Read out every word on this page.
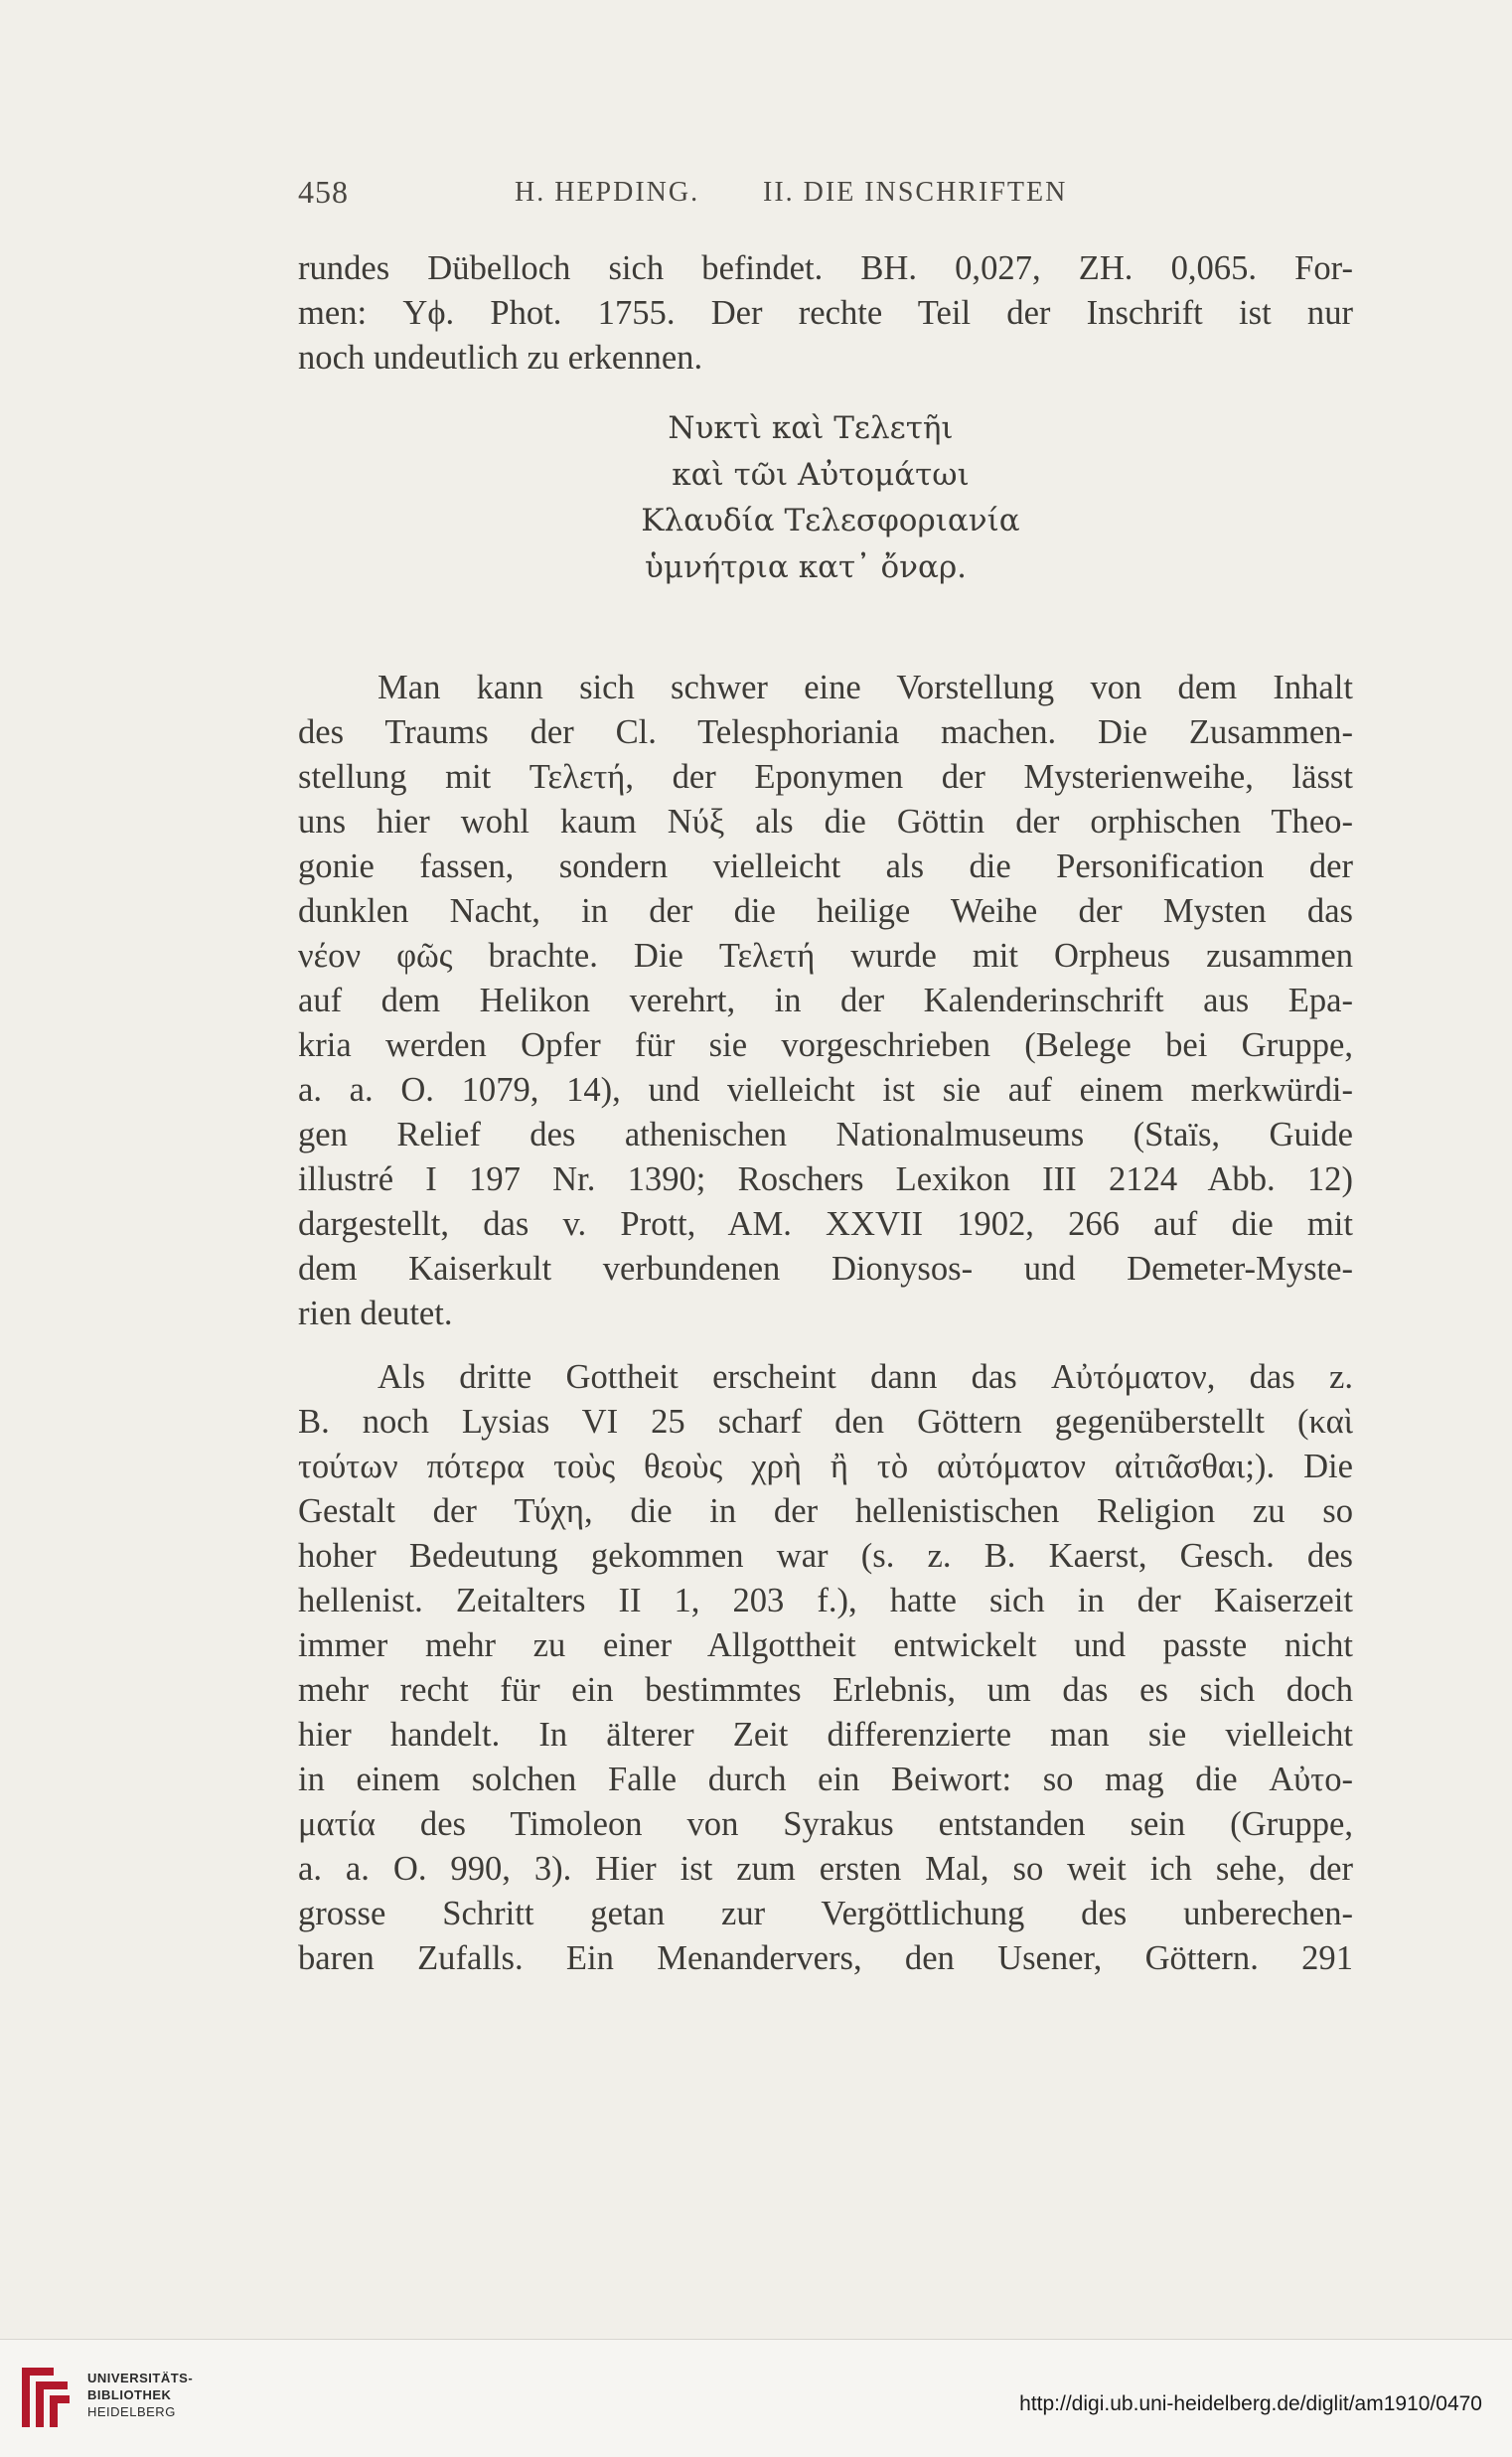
458	H. HEPDING. II. DIE INSCHRIFTEN
rundes Dübelloch sich befindet. BH. 0,027, ZH. 0,065. For-
men: Υϕ. Phot. 1755. Der rechte Teil der Inschrift ist nur
noch undeutlich zu erkennen.
Νυκτὶ καὶ Τελετῆι
καὶ τῶι Αὐτομάτωι
Κλαυδία Τελεσφοριανία
ὑμνήτρια κατ᾽ ὄναρ.
Man kann sich schwer eine Vorstellung von dem Inhalt
des Traums der Cl. Telesphoriania machen. Die Zusammen-
stellung mit Τελετή, der Eponymen der Mysterienweihe, lässt
uns hier wohl kaum Νύξ als die Göttin der orphischen Theo-
gonie fassen, sondern vielleicht als die Personification der
dunklen Nacht, in der die heilige Weihe der Mysten das
νέον φῶς brachte. Die Τελετή wurde mit Orpheus zusammen
auf dem Helikon verehrt, in der Kalenderinschrift aus Epa-
kria werden Opfer für sie vorgeschrieben (Belege bei Gruppe,
a. a. O. 1079, 14), und vielleicht ist sie auf einem merkwürdi-
gen Relief des athenischen Nationalmuseums (Staïs, Guide
illustré I 197 Nr. 1390; Roschers Lexikon III 2124 Abb. 12)
dargestellt, das v. Prott, AM. XXVII 1902, 266 auf die mit
dem Kaiserkult verbundenen Dionysos- und Demeter-Myste-
rien deutet.
Als dritte Gottheit erscheint dann das Αὐτόματον, das z.
B. noch Lysias VI 25 scharf den Göttern gegenüberstellt (καὶ
τούτων πότερα τοὺς θεοὺς χρὴ ἢ τὸ αὐτόματον αἰτιᾶσθαι;). Die
Gestalt der Τύχη, die in der hellenistischen Religion zu so
hoher Bedeutung gekommen war (s. z. B. Kaerst, Gesch. des
hellenist. Zeitalters II 1, 203 f.), hatte sich in der Kaiserzeit
immer mehr zu einer Allgottheit entwickelt und passte nicht
mehr recht für ein bestimmtes Erlebnis, um das es sich doch
hier handelt. In älterer Zeit differenzierte man sie vielleicht
in einem solchen Falle durch ein Beiwort: so mag die Αὐτο-
ματία des Timoleon von Syrakus entstanden sein (Gruppe,
a. a. O. 990, 3). Hier ist zum ersten Mal, so weit ich sehe, der
grosse Schritt getan zur Vergöttlichung des unberechen-
baren Zufalls. Ein Menandervers, den Usener, Göttern. 291
UNIVERSITÄTS-
BIBLIOTHEK
HEIDELBERG	http://digi.ub.uni-heidelberg.de/diglit/am1910/0470
